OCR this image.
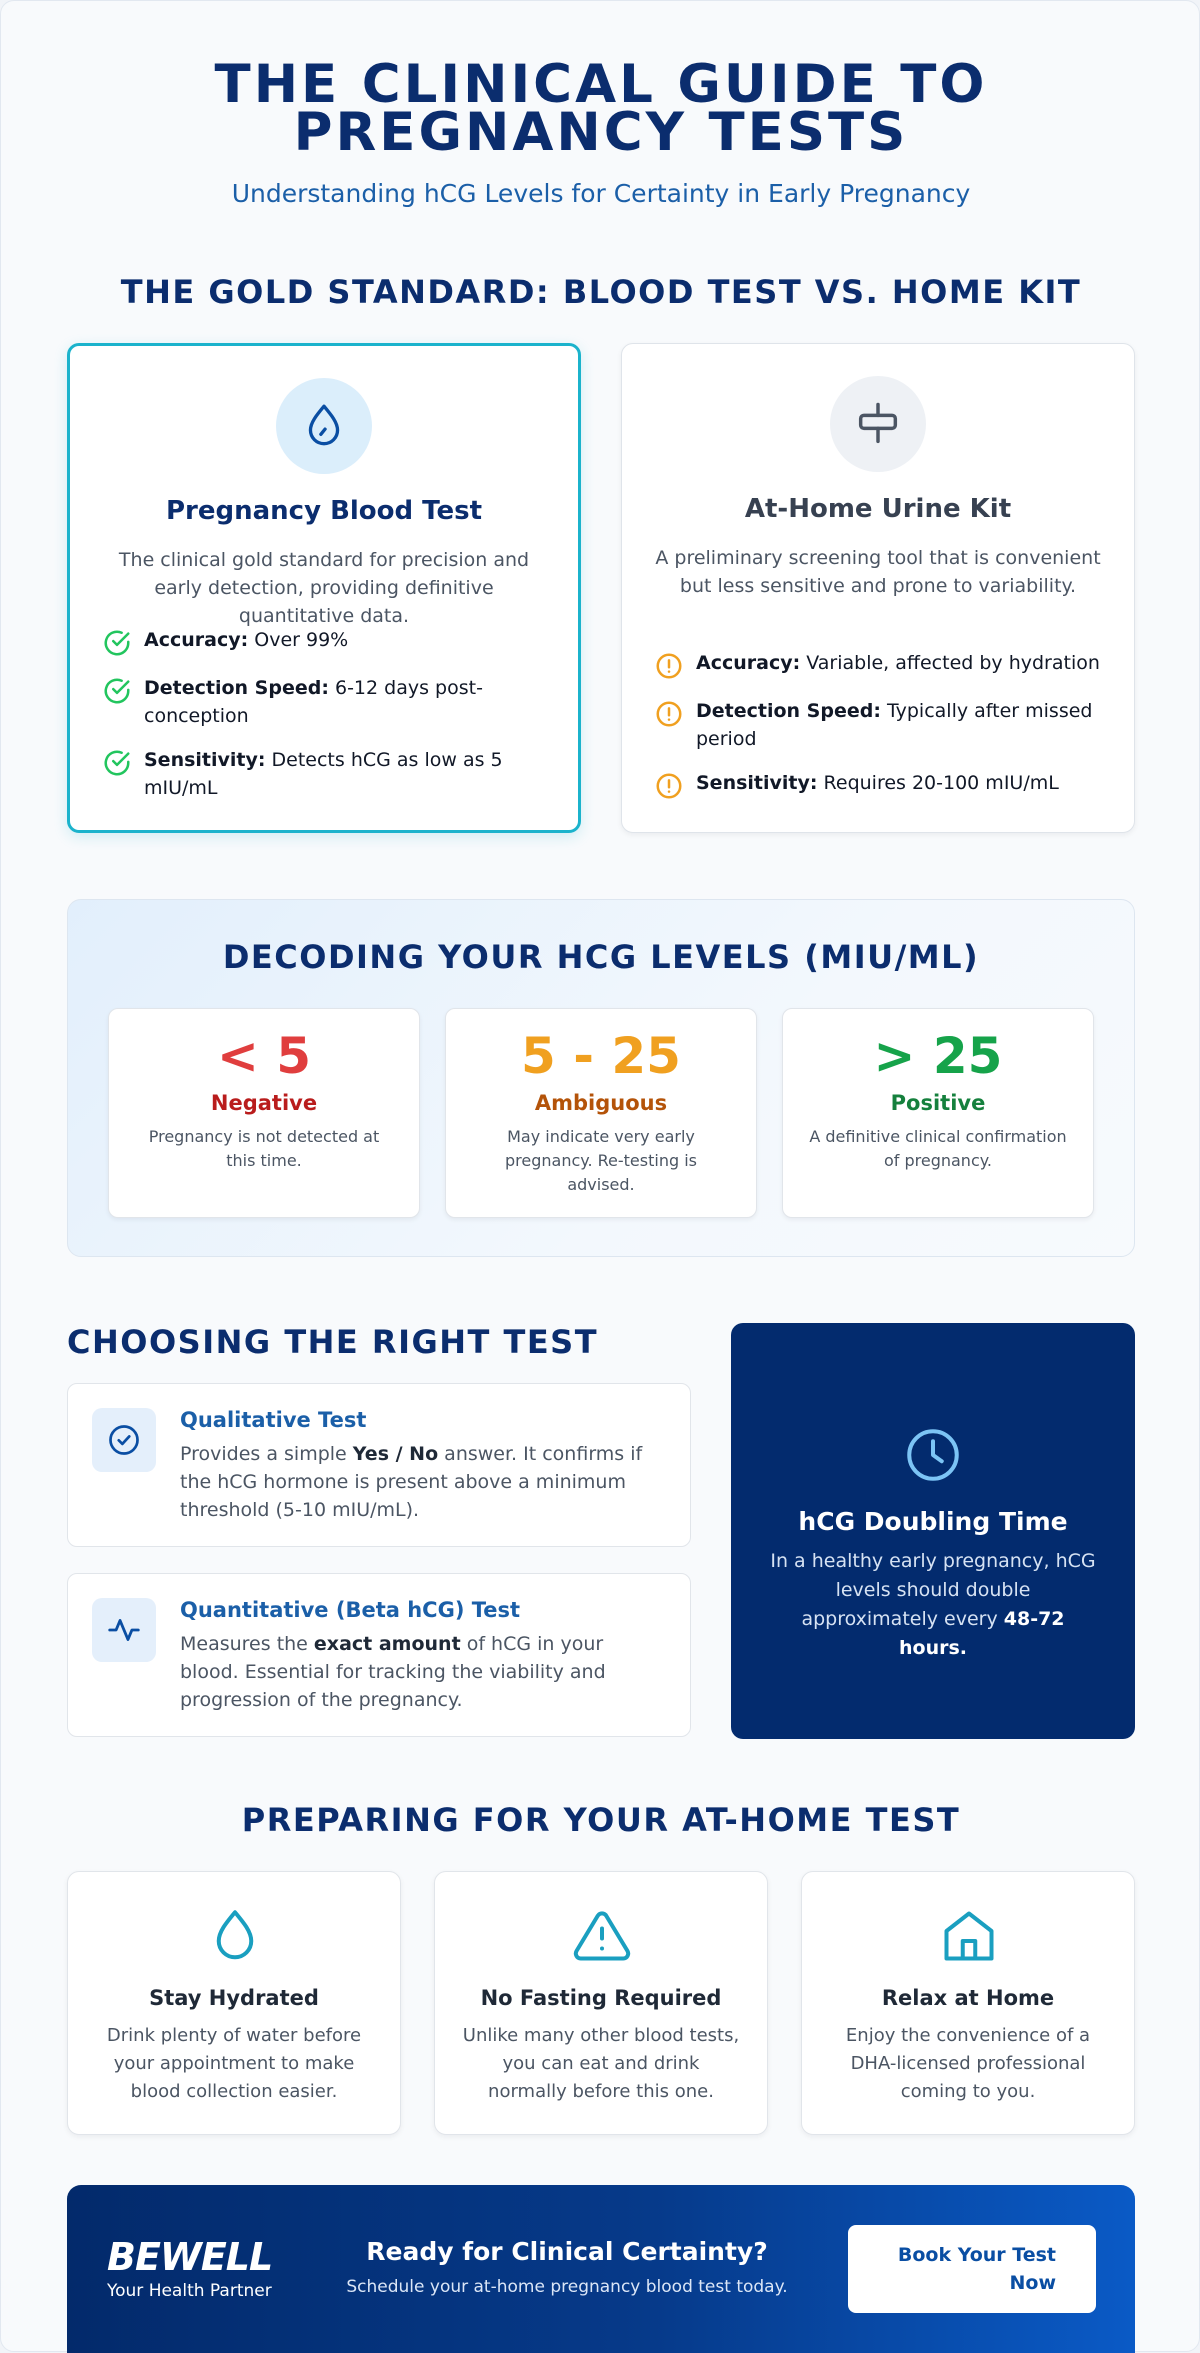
THE CLINICAL GUIDE TO PREGNANCY TESTS
Understanding hCG Levels for Certainty in Early Pregnancy
THE GOLD STANDARD: BLOOD TEST VS. HOME KIT
Pregnancy Blood Test
The clinical gold standard for precision and early detection, providing definitive quantitative data.
Accuracy: Over 99%
Detection Speed: 6-12 days post-conception
Sensitivity: Detects hCG as low as 5 mIU/mL
At-Home Urine Kit
A preliminary screening tool that is convenient but less sensitive and prone to variability.
Accuracy: Variable, affected by hydration
Detection Speed: Typically after missed period
Sensitivity: Requires 20-100 mIU/mL
DECODING YOUR HCG LEVELS (MIU/ML)
< 5
Negative
Pregnancy is not detected at this time.
5 - 25
Ambiguous
May indicate very early pregnancy. Re-testing is advised.
> 25
Positive
A definitive clinical confirmation of pregnancy.
CHOOSING THE RIGHT TEST
Qualitative Test
Provides a simple Yes / No answer. It confirms if the hCG hormone is present above a minimum threshold (5-10 mIU/mL).
Quantitative (Beta hCG) Test
Measures the exact amount of hCG in your blood. Essential for tracking the viability and progression of the pregnancy.
hCG Doubling Time
In a healthy early pregnancy, hCG levels should double approximately every 48-72 hours.
PREPARING FOR YOUR AT-HOME TEST
Stay Hydrated
Drink plenty of water before your appointment to make blood collection easier.
No Fasting Required
Unlike many other blood tests, you can eat and drink normally before this one.
Relax at Home
Enjoy the convenience of a DHA-licensed professional coming to you.
BEWELL
Your Health Partner
Ready for Clinical Certainty?
Schedule your at-home pregnancy blood test today.
Book Your Test Now
